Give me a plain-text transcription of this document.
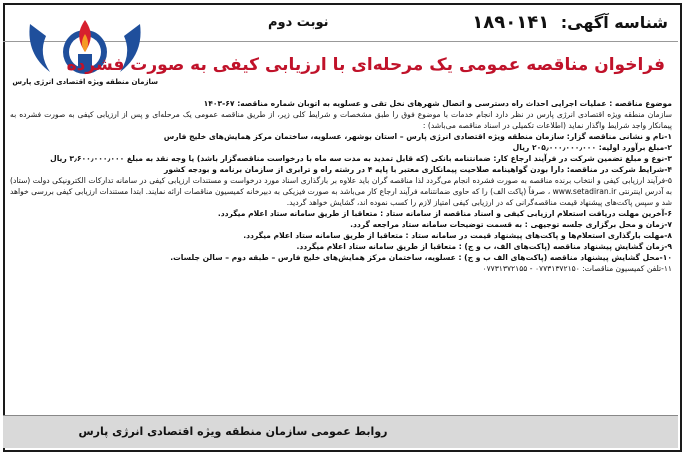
شناسه آگهی: ۱۸۹۰۱۴۱
نوبت دوم
سازمان منطقه ویژه اقتصادی انرژی پارس
فراخوان مناقصه عمومی یک مرحله‌ای با ارزیابی کیفی به صورت فشرده
موضوع مناقصه : عملیات اجرایی احداث راه دسترسی و اتصال شهرهای نخل تقی و عسلویه به اتوبان شماره مناقصه: ۶۷-۱۴۰۳
سازمان منطقه ویژه اقتصادی انرژی پارس در نظر دارد انجام خدمات با موضوع فوق را طبق مشخصات و شرایط کلی زیر، از طریق مناقصه عمومی یک مرحله‌ای و پس از ارزیابی کیفی به صورت فشرده به پیمانکار واجد شرایط واگذار نماید (اطلاعات تکمیلی در اسناد مناقصه می‌باشد) :
۱-نام و نشانی مناقصه گزار: سازمان منطقه ویژه اقتصادی انرژی پارس – استان بوشهر، عسلویه، ساختمان مرکز همایش‌های خلیج فارس
۲-مبلغ برآورد اولیه: ۲۰۵٫۰۰۰٫۰۰۰٫۰۰۰ ریال
۳-نوع و مبلغ تضمین شرکت در فرآیند ارجاع کار: ضمانتنامه بانکی (که قابل تمدید به مدت سه ماه با درخواست مناقصه‌گزار باشد) یا وجه نقد به مبلغ ۳٫۶۰۰٫۰۰۰٫۰۰۰ ریال
۴-شرایط شرکت در مناقصه: دارا بودن گواهینامه صلاحیت پیمانکاری معتبر با پایه ۴ در رشته راه و ترابری از سازمان برنامه و بودجه کشور
۵-فرآیند ارزیابی کیفی و انتخاب برنده مناقصه به صورت فشرده انجام می‌گردد لذا مناقصه گران باید علاوه بر بارگذاری اسناد مورد درخواست و مستندات ارزیابی کیفی در سامانه تدارکات الکترونیکی دولت (ستاد) به آدرس اینترنتی www.setadiran.ir ، صرفاً (پاکت الف) را که حاوی ضمانتنامه فرآیند ارجاع کار می‌باشد به صورت فیزیکی به دبیرخانه کمیسیون مناقصات ارائه نمایند. ابتدا مستندات ارزیابی کیفی بررسی خواهد شد و سپس پاکت‌های پیشنهاد قیمت مناقصه‌گرانی که در ارزیابی کیفی امتیاز لازم را کسب نموده اند، گشایش خواهد گردید.
۶-آخرین مهلت دریافت استعلام ارزیابی کیفی و اسناد مناقصه از سامانه ستاد : متعاقبا از طریق سامانه ستاد اعلام میگردد.
۷-زمان و محل برگزاری جلسه توجیهی : به قسمت توضیحات سامانه ستاد مراجعه گردد.
۸-مهلت بارگذاری استعلام‌ها و پاکت‌های پیشنهاد قیمت در سامانه ستاد : متعاقبا از طریق سامانه ستاد اعلام میگردد.
۹-زمان گشایش پیشنهاد مناقصه (پاکت‌های الف، ب و ج) : متعاقبا از طریق سامانه ستاد اعلام میگردد.
۱۰-محل گشایش پیشنهاد مناقصه (پاکت‌های الف ب و ج) : عسلویه، ساختمان مرکز همایش‌های خلیج فارس – طبقه دوم – سالن جلسات.
۱۱-تلفن کمیسیون مناقصات: ۰۷۷۳۱۳۷۲۱۵۰ - ۰۷۷۳۱۳۷۲۱۵۵
روابط عمومی سازمان منطقه ویژه اقتصادی انرژی پارس
